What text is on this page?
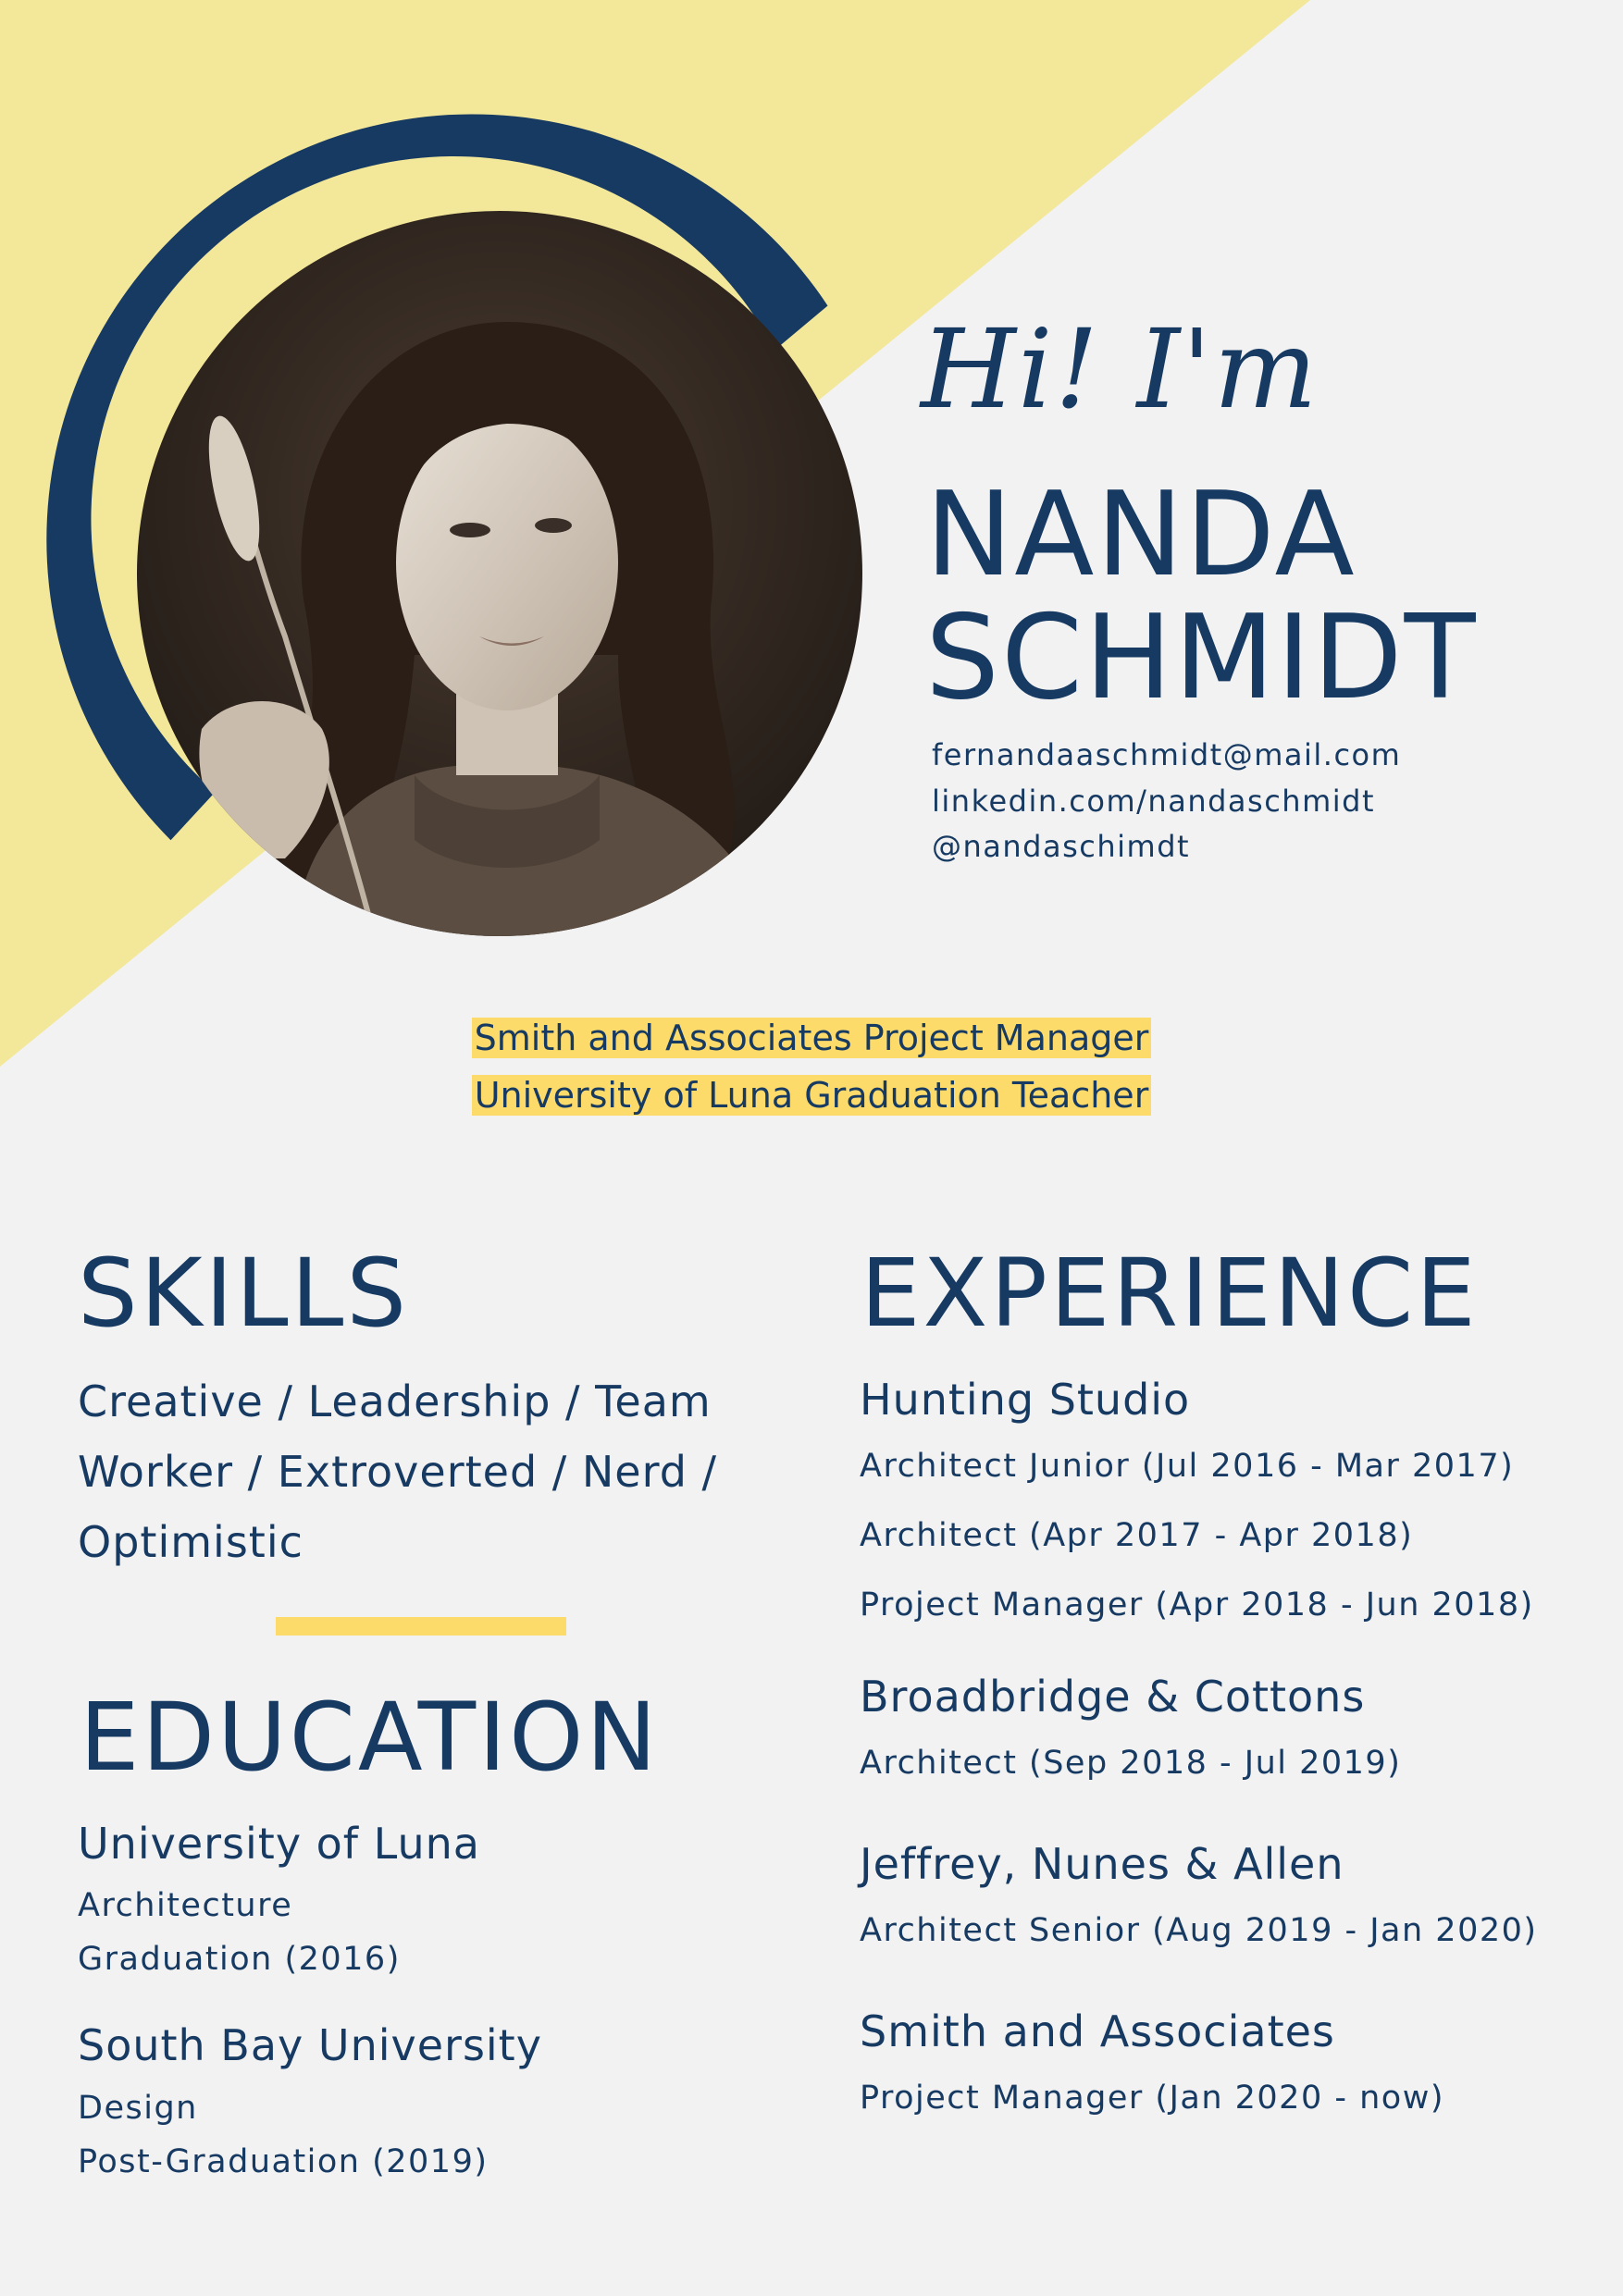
Hi! I'm
NANDA
SCHMIDT
fernandaaschmidt@mail.com
linkedin.com/nandaschmidt
@nandaschimdt
Smith and Associates Project Manager
University of Luna Graduation Teacher
SKILLS
Creative / Leadership / Team
Worker / Extroverted / Nerd /
Optimistic
EDUCATION
University of Luna
Architecture
Graduation (2016)
South Bay University
Design
Post-Graduation (2019)
EXPERIENCE
Hunting Studio
Architect Junior (Jul 2016 - Mar 2017)
Architect (Apr 2017 - Apr 2018)
Project Manager (Apr 2018 - Jun 2018)
Broadbridge & Cottons
Architect (Sep 2018 - Jul 2019)
Jeffrey, Nunes & Allen
Architect Senior (Aug 2019 - Jan 2020)
Smith and Associates
Project Manager (Jan 2020 - now)
